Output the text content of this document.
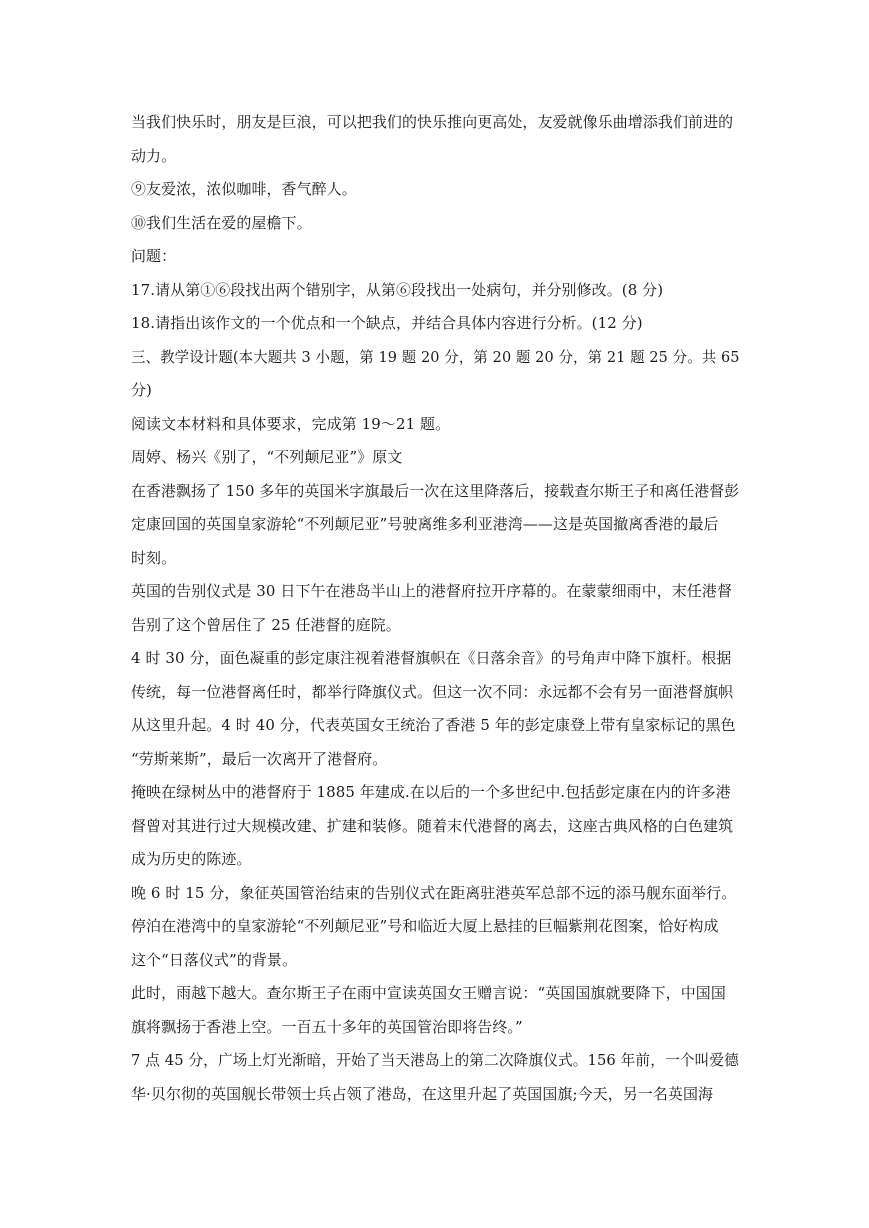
当我们快乐时，朋友是巨浪，可以把我们的快乐推向更高处，友爱就像乐曲增添我们前进的
动力。
⑨友爱浓，浓似咖啡，香气醉人。
⑩我们生活在爱的屋檐下。
问题：
17.请从第①⑥段找出两个错别字，从第⑥段找出一处病句，并分别修改。(8 分)
18.请指出该作文的一个优点和一个缺点，并结合具体内容进行分析。(12 分)
三、教学设计题(本大题共 3 小题，第 19 题 20 分，第 20 题 20 分，第 21 题 25 分。共 65
分)
阅读文本材料和具体要求，完成第 19～21 题。
周婷、杨兴《别了，“不列颠尼亚”》原文
在香港飘扬了 150 多年的英国米字旗最后一次在这里降落后，接载查尔斯王子和离任港督彭
定康回国的英国皇家游轮“不列颠尼亚”号驶离维多利亚港湾——这是英国撤离香港的最后
时刻。
英国的告别仪式是 30 日下午在港岛半山上的港督府拉开序幕的。在蒙蒙细雨中，末任港督
告别了这个曾居住了 25 任港督的庭院。
4 时 30 分，面色凝重的彭定康注视着港督旗帜在《日落余音》的号角声中降下旗杆。根据
传统，每一位港督离任时，都举行降旗仪式。但这一次不同：永远都不会有另一面港督旗帜
从这里升起。4 时 40 分，代表英国女王统治了香港 5 年的彭定康登上带有皇家标记的黑色
“劳斯莱斯”，最后一次离开了港督府。
掩映在绿树丛中的港督府于 1885 年建成.在以后的一个多世纪中.包括彭定康在内的许多港
督曾对其进行过大规模改建、扩建和装修。随着末代港督的离去，这座古典风格的白色建筑
成为历史的陈迹。
晚 6 时 15 分，象征英国管治结束的告别仪式在距离驻港英军总部不远的添马舰东面举行。
停泊在港湾中的皇家游轮“不列颠尼亚”号和临近大厦上悬挂的巨幅紫荆花图案，恰好构成
这个“日落仪式”的背景。
此时，雨越下越大。查尔斯王子在雨中宣读英国女王赠言说：“英国国旗就要降下，中国国
旗将飘扬于香港上空。一百五十多年的英国管治即将告终。”
7 点 45 分，广场上灯光渐暗，开始了当天港岛上的第二次降旗仪式。156 年前，一个叫爱德
华·贝尔彻的英国舰长带领士兵占领了港岛，在这里升起了英国国旗;今天，另一名英国海
